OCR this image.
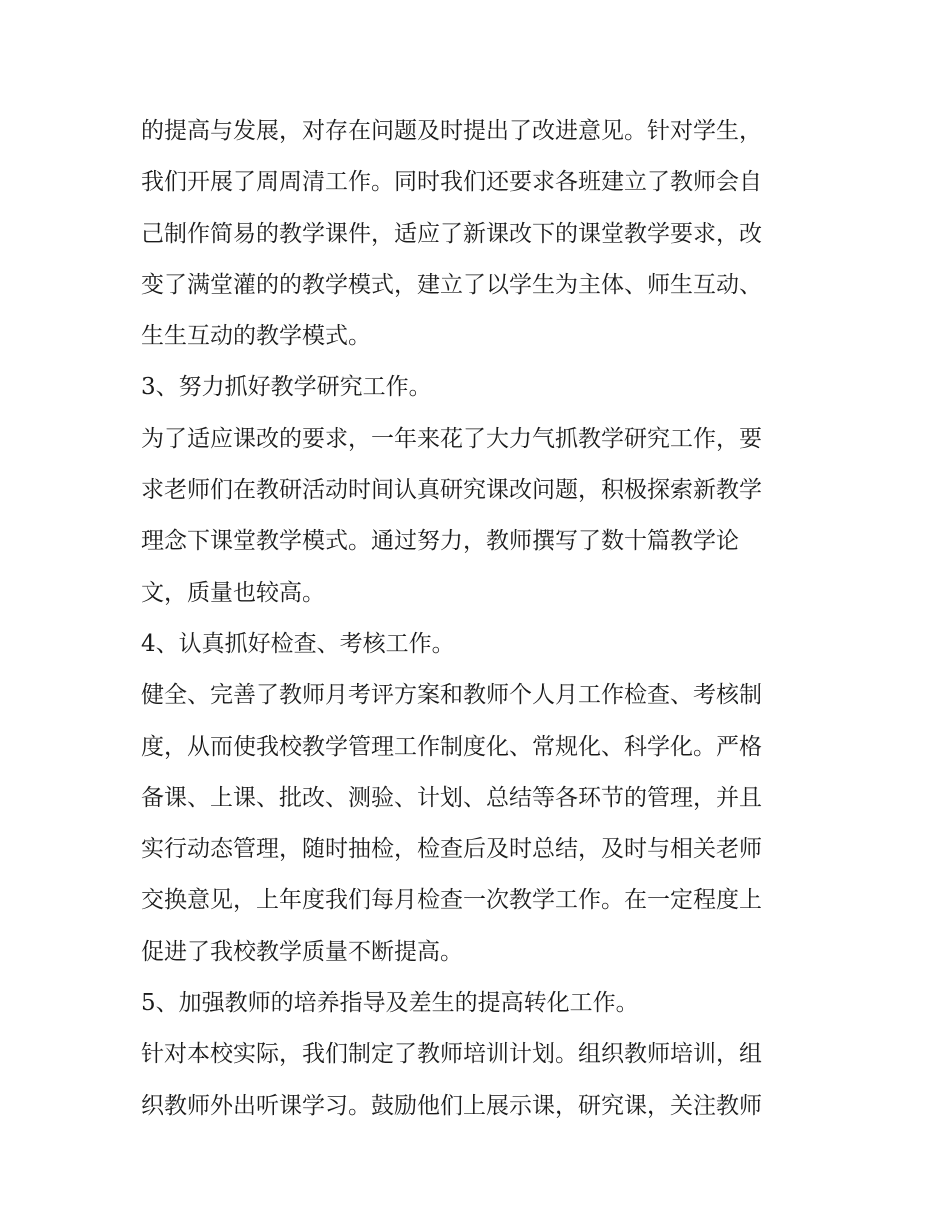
的提高与发展，对存在问题及时提出了改进意见。针对学生，
我们开展了周周清工作。同时我们还要求各班建立了教师会自
己制作简易的教学课件，适应了新课改下的课堂教学要求，改
变了满堂灌的的教学模式，建立了以学生为主体、师生互动、
生生互动的教学模式。
3、努力抓好教学研究工作。
为了适应课改的要求，一年来花了大力气抓教学研究工作，要
求老师们在教研活动时间认真研究课改问题，积极探索新教学
理念下课堂教学模式。通过努力，教师撰写了数十篇教学论
文，质量也较高。
4、认真抓好检查、考核工作。
健全、完善了教师月考评方案和教师个人月工作检查、考核制
度，从而使我校教学管理工作制度化、常规化、科学化。严格
备课、上课、批改、测验、计划、总结等各环节的管理，并且
实行动态管理，随时抽检，检查后及时总结，及时与相关老师
交换意见，上年度我们每月检查一次教学工作。在一定程度上
促进了我校教学质量不断提高。
5、加强教师的培养指导及差生的提高转化工作。
针对本校实际，我们制定了教师培训计划。组织教师培训，组
织教师外出听课学习。鼓励他们上展示课，研究课，关注教师
